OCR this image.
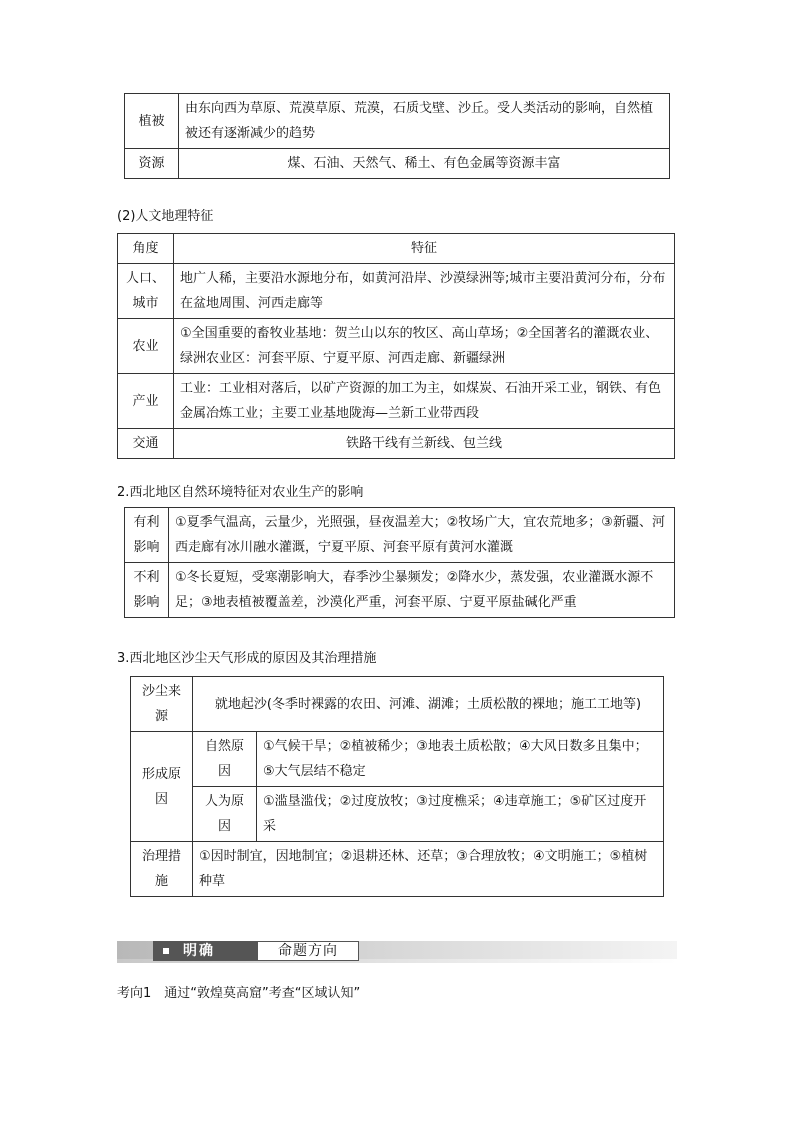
植被	由东向西为草原、荒漠草原、荒漠，石质戈壁、沙丘。受人类活动的影响，自然植被还有逐渐减少的趋势
资源	煤、石油、天然气、稀土、有色金属等资源丰富
(2)人文地理特征
角度	特征
人口、城市	地广人稀，主要沿水源地分布，如黄河沿岸、沙漠绿洲等;城市主要沿黄河分布，分布在盆地周围、河西走廊等
农业	①全国重要的畜牧业基地：贺兰山以东的牧区、高山草场；②全国著名的灌溉农业、绿洲农业区：河套平原、宁夏平原、河西走廊、新疆绿洲
产业	工业：工业相对落后，以矿产资源的加工为主，如煤炭、石油开采工业，钢铁、有色金属冶炼工业；主要工业基地陇海—兰新工业带西段
交通	铁路干线有兰新线、包兰线
2.西北地区自然环境特征对农业生产的影响
有利影响	①夏季气温高，云量少，光照强，昼夜温差大；②牧场广大，宜农荒地多；③新疆、河西走廊有冰川融水灌溉，宁夏平原、河套平原有黄河水灌溉
不利影响	①冬长夏短，受寒潮影响大，春季沙尘暴频发；②降水少，蒸发强，农业灌溉水源不足；③地表植被覆盖差，沙漠化严重，河套平原、宁夏平原盐碱化严重
3.西北地区沙尘天气形成的原因及其治理措施
沙尘来源	就地起沙(冬季时裸露的农田、河滩、湖滩；土质松散的裸地；施工工地等)	
形成原因	自然原因	①气候干旱；②植被稀少；③地表土质松散；④大风日数多且集中；⑤大气层结不稳定
	人为原因	①滥垦滥伐；②过度放牧；③过度樵采；④违章施工；⑤矿区过度开采
治理措施	①因时制宜，因地制宜；②退耕还林、还草；③合理放牧；④文明施工；⑤植树种草	
明确	命题方向
考向1　通过“敦煌莫高窟”考查“区域认知”
